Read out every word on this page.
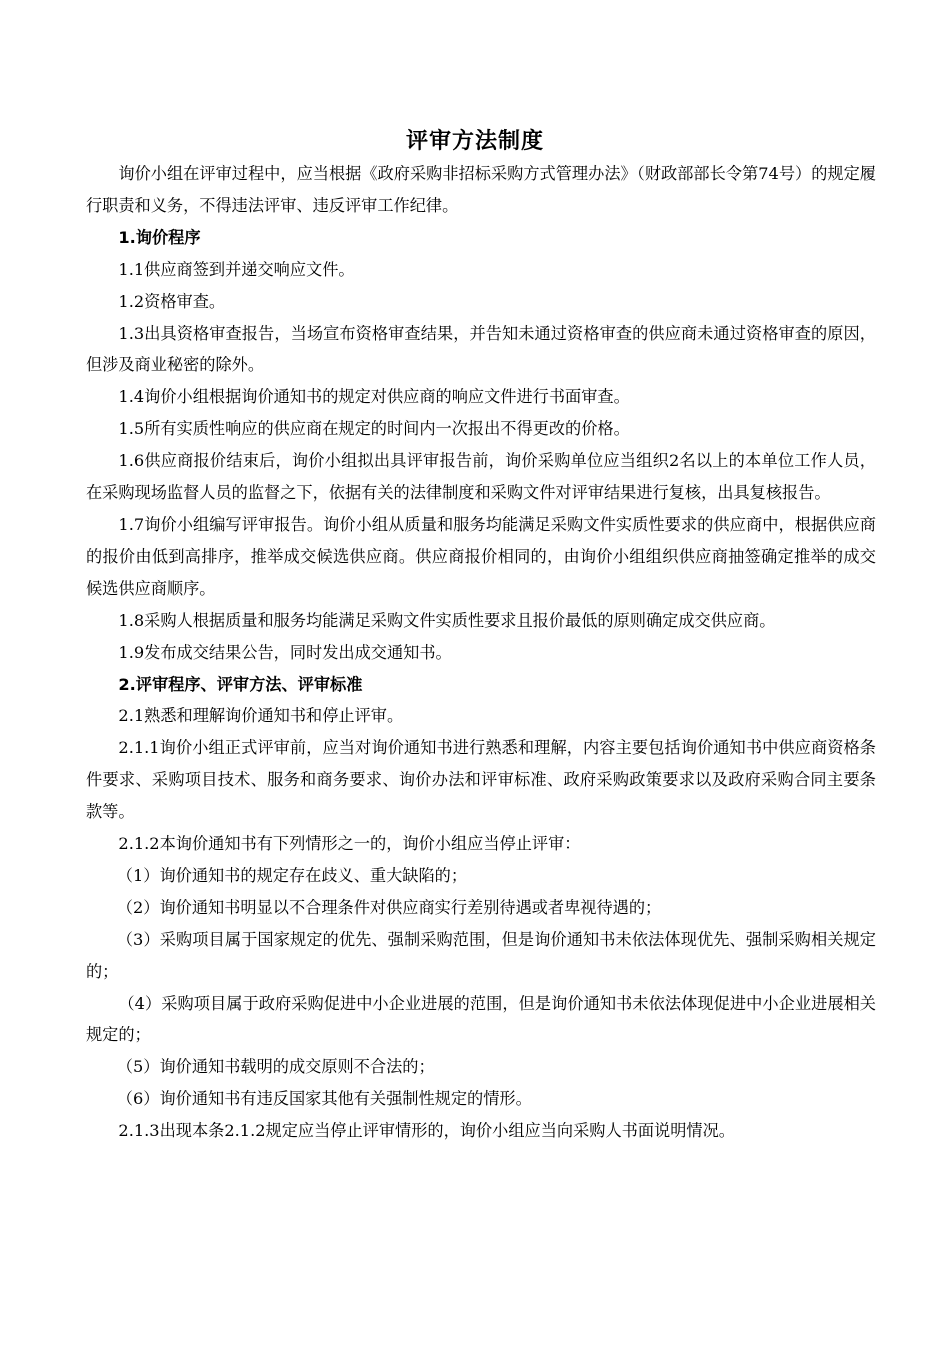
评审方法制度

询价小组在评审过程中，应当根据《政府采购非招标采购方式管理办法》（财政部部长令第74号）的规定履行职责和义务，不得违法评审、违反评审工作纪律。

1.询价程序

1.1供应商签到并递交响应文件。

1.2资格审查。

1.3出具资格审查报告，当场宣布资格审查结果，并告知未通过资格审查的供应商未通过资格审查的原因，但涉及商业秘密的除外。

1.4询价小组根据询价通知书的规定对供应商的响应文件进行书面审查。

1.5所有实质性响应的供应商在规定的时间内一次报出不得更改的价格。

1.6供应商报价结束后，询价小组拟出具评审报告前，询价采购单位应当组织2名以上的本单位工作人员，在采购现场监督人员的监督之下，依据有关的法律制度和采购文件对评审结果进行复核，出具复核报告。

1.7询价小组编写评审报告。询价小组从质量和服务均能满足采购文件实质性要求的供应商中，根据供应商的报价由低到高排序，推举成交候选供应商。供应商报价相同的，由询价小组组织供应商抽签确定推举的成交候选供应商顺序。

1.8采购人根据质量和服务均能满足采购文件实质性要求且报价最低的原则确定成交供应商。

1.9发布成交结果公告，同时发出成交通知书。

2.评审程序、评审方法、评审标准

2.1熟悉和理解询价通知书和停止评审。

2.1.1询价小组正式评审前，应当对询价通知书进行熟悉和理解，内容主要包括询价通知书中供应商资格条件要求、采购项目技术、服务和商务要求、询价办法和评审标准、政府采购政策要求以及政府采购合同主要条款等。

2.1.2本询价通知书有下列情形之一的，询价小组应当停止评审：

（1）询价通知书的规定存在歧义、重大缺陷的；

（2）询价通知书明显以不合理条件对供应商实行差别待遇或者卑视待遇的；

（3）采购项目属于国家规定的优先、强制采购范围，但是询价通知书未依法体现优先、强制采购相关规定的；

（4）采购项目属于政府采购促进中小企业进展的范围，但是询价通知书未依法体现促进中小企业进展相关规定的；

（5）询价通知书载明的成交原则不合法的；

（6）询价通知书有违反国家其他有关强制性规定的情形。

2.1.3出现本条2.1.2规定应当停止评审情形的，询价小组应当向采购人书面说明情况。
